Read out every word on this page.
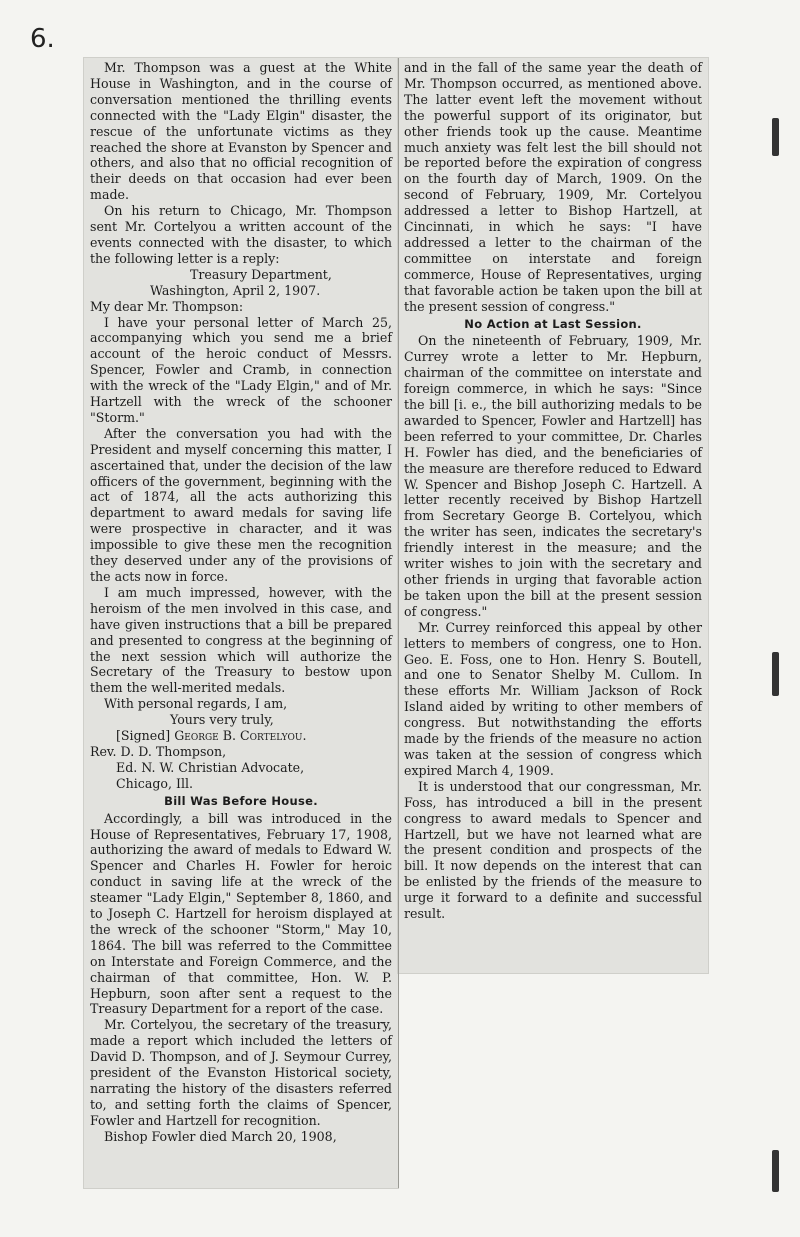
6.

Mr. Thompson was a guest at the White House in Washington, and in the course of conversation mentioned the thrilling events connected with the "Lady Elgin" disaster, the rescue of the unfortunate victims as they reached the shore at Evanston by Spencer and others, and also that no official recognition of their deeds on that occasion had ever been made.

On his return to Chicago, Mr. Thompson sent Mr. Cortelyou a written account of the events connected with the disaster, to which the following letter is a reply:

Treasury Department,

Washington, April 2, 1907.

My dear Mr. Thompson:

I have your personal letter of March 25, accompanying which you send me a brief account of the heroic conduct of Messrs. Spencer, Fowler and Cramb, in connection with the wreck of the "Lady Elgin," and of Mr. Hartzell with the wreck of the schooner "Storm."

After the conversation you had with the President and myself concerning this matter, I ascertained that, under the decision of the law officers of the government, beginning with the act of 1874, all the acts authorizing this department to award medals for saving life were prospective in character, and it was impossible to give these men the recognition they deserved under any of the provisions of the acts now in force.

I am much impressed, however, with the heroism of the men involved in this case, and have given instructions that a bill be prepared and presented to congress at the beginning of the next session which will authorize the Secretary of the Treasury to bestow upon them the well-merited medals.

With personal regards, I am,

Yours very truly,

[Signed] George B. Cortelyou.

Rev. D. D. Thompson,

Ed. N. W. Christian Advocate,

Chicago, Ill.

Bill Was Before House.

Accordingly, a bill was introduced in the House of Representatives, February 17, 1908, authorizing the award of medals to Edward W. Spencer and Charles H. Fowler for heroic conduct in saving life at the wreck of the steamer "Lady Elgin," September 8, 1860, and to Joseph C. Hartzell for heroism displayed at the wreck of the schooner "Storm," May 10, 1864. The bill was referred to the Committee on Interstate and Foreign Commerce, and the chairman of that committee, Hon. W. P. Hepburn, soon after sent a request to the Treasury Department for a report of the case.

Mr. Cortelyou, the secretary of the treasury, made a report which included the letters of David D. Thompson, and of J. Seymour Currey, president of the Evanston Historical society, narrating the history of the disasters referred to, and setting forth the claims of Spencer, Fowler and Hartzell for recognition.

Bishop Fowler died March 20, 1908,

and in the fall of the same year the death of Mr. Thompson occurred, as mentioned above. The latter event left the movement without the powerful support of its originator, but other friends took up the cause. Meantime much anxiety was felt lest the bill should not be reported before the expiration of congress on the fourth day of March, 1909. On the second of February, 1909, Mr. Cortelyou addressed a letter to Bishop Hartzell, at Cincinnati, in which he says: "I have addressed a letter to the chairman of the committee on interstate and foreign commerce, House of Representatives, urging that favorable action be taken upon the bill at the present session of congress."

No Action at Last Session.

On the nineteenth of February, 1909, Mr. Currey wrote a letter to Mr. Hepburn, chairman of the committee on interstate and foreign commerce, in which he says: "Since the bill [i. e., the bill authorizing medals to be awarded to Spencer, Fowler and Hartzell] has been referred to your committee, Dr. Charles H. Fowler has died, and the beneficiaries of the measure are therefore reduced to Edward W. Spencer and Bishop Joseph C. Hartzell. A letter recently received by Bishop Hartzell from Secretary George B. Cortelyou, which the writer has seen, indicates the secretary's friendly interest in the measure; and the writer wishes to join with the secretary and other friends in urging that favorable action be taken upon the bill at the present session of congress."

Mr. Currey reinforced this appeal by other letters to members of congress, one to Hon. Geo. E. Foss, one to Hon. Henry S. Boutell, and one to Senator Shelby M. Cullom. In these efforts Mr. William Jackson of Rock Island aided by writing to other members of congress. But notwithstanding the efforts made by the friends of the measure no action was taken at the session of congress which expired March 4, 1909.

It is understood that our congressman, Mr. Foss, has introduced a bill in the present congress to award medals to Spencer and Hartzell, but we have not learned what are the present condition and prospects of the bill. It now depends on the interest that can be enlisted by the friends of the measure to urge it forward to a definite and successful result.
